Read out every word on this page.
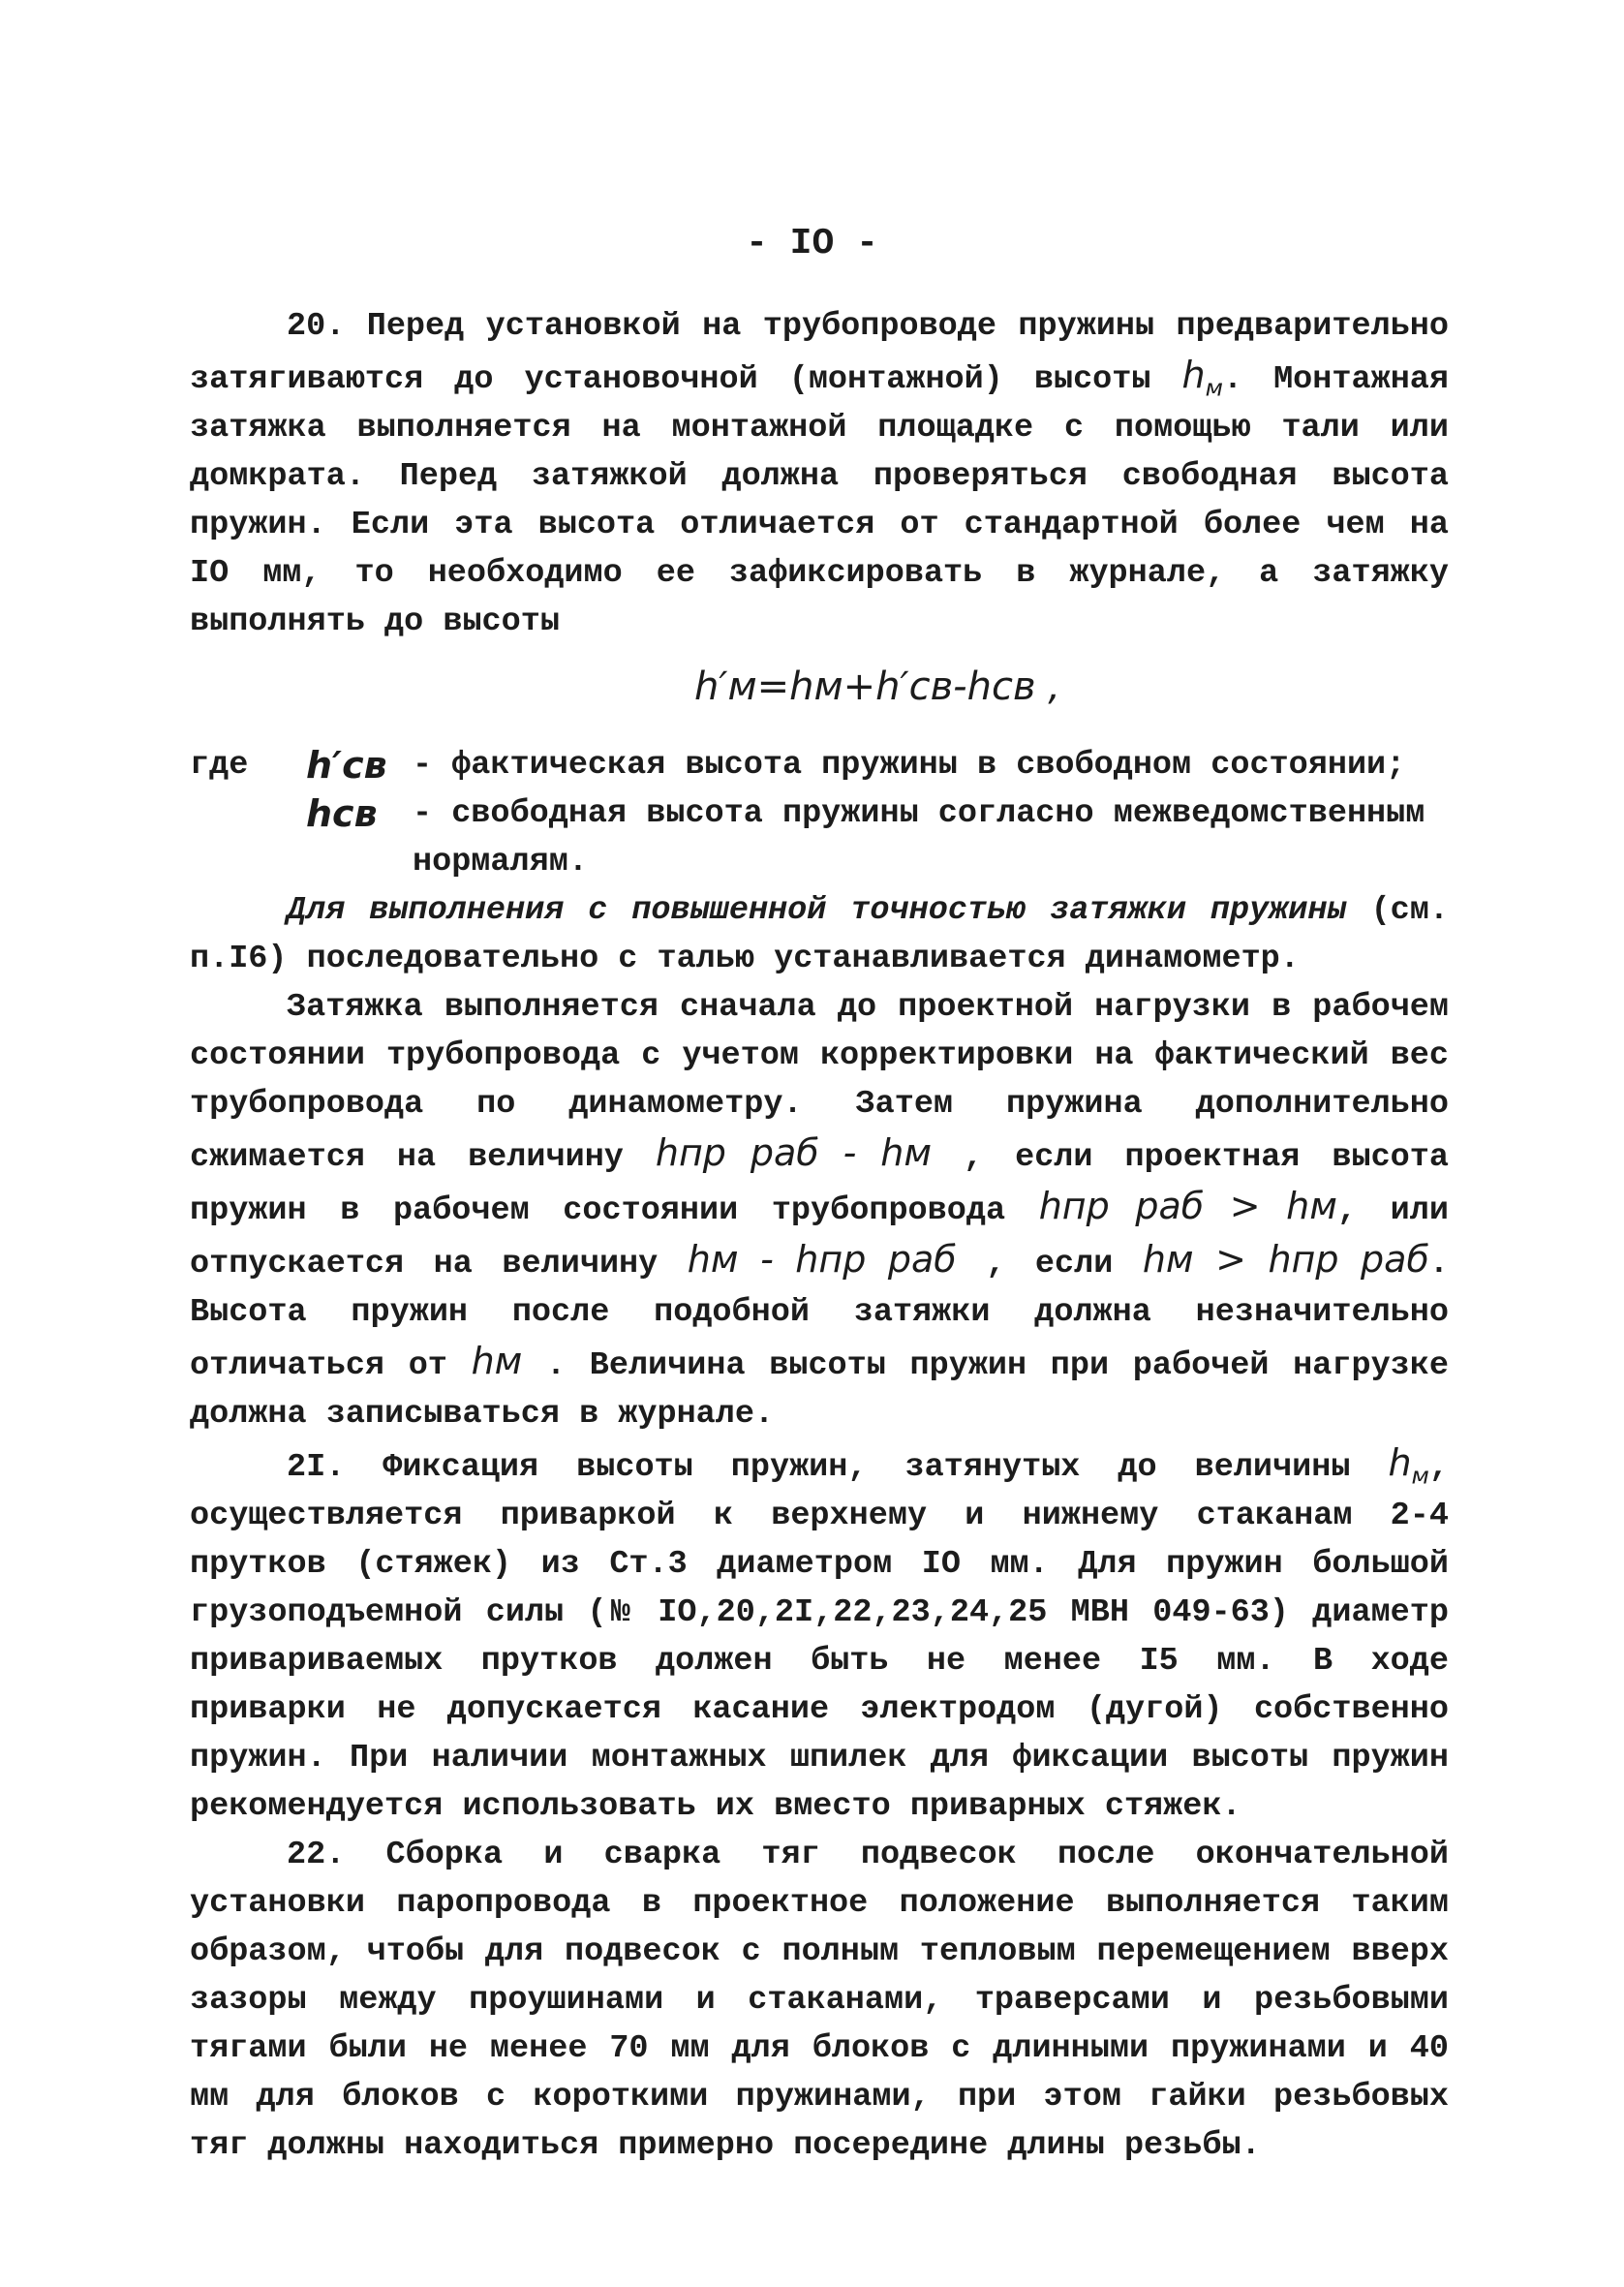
- IO -

20. Перед установкой на трубопроводе пружины предварительно затягиваются до установочной (монтажной) высоты $h_м$. Монтажная затяжка выполняется на монтажной площадке с помощью тали или домкрата. Перед затяжкой должна проверяться свободная высота пружин. Если эта высота отличается от стандартной более чем на IO мм, то необходимо ее зафиксировать в журнале, а затяжку выполнять до высоты

h′м=hм+h′св-hсв ,
где	h′св	- фактическая высота пружины в свободном состоянии;
	hсв	- свободная высота пружины согласно межведомственным нормалям.

Для выполнения с повышенной точностью затяжки пружины (см. п.I6) последовательно с талью устанавливается динамометр.

Затяжка выполняется сначала до проектной нагрузки в рабочем состоянии трубопровода с учетом корректировки на фактический вес трубопровода по динамометру. Затем пружина дополнительно сжимается на величину hпр раб - hм , если проектная высота пружин в рабочем состоянии трубопровода hпр раб > hм, или отпускается на величину hм - hпр раб , если hм > hпр раб. Высота пружин после подобной затяжки должна незначительно отличаться от hм . Величина высоты пружин при рабочей нагрузке должна записываться в журнале.

2I. Фиксация высоты пружин, затянутых до величины $h_м$, осуществляется приваркой к верхнему и нижнему стаканам 2-4 прутков (стяжек) из Ст.3 диаметром IO мм. Для пружин большой грузоподъемной силы (№ IO,20,2I,22,23,24,25 МВН 049-63) диаметр привариваемых прутков должен быть не менее I5 мм. В ходе приварки не допускается касание электродом (дугой) собственно пружин. При наличии монтажных шпилек для фиксации высоты пружин рекомендуется использовать их вместо приварных стяжек.

22. Сборка и сварка тяг подвесок после окончательной установки паропровода в проектное положение выполняется таким образом, чтобы для подвесок с полным тепловым перемещением вверх зазоры между проушинами и стаканами, траверсами и резьбовыми тягами были не менее 70 мм для блоков с длинными пружинами и 40 мм для блоков с короткими пружинами, при этом гайки резьбовых тяг должны находиться примерно посередине длины резьбы.
